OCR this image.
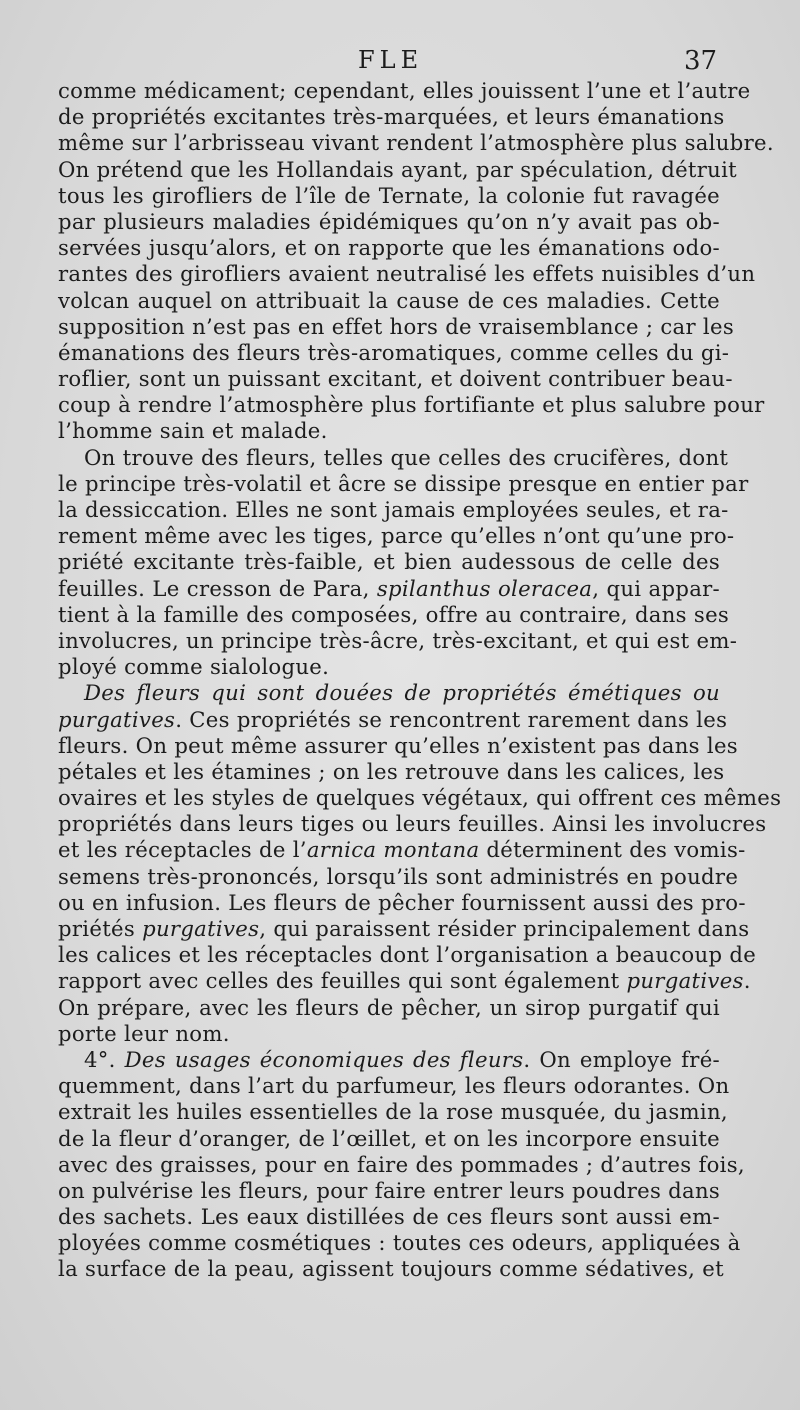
FLE	37
comme médicament; cependant, elles jouissent l’une et l’autre
de propriétés excitantes très-marquées, et leurs émanations
même sur l’arbrisseau vivant rendent l’atmosphère plus salubre.
On prétend que les Hollandais ayant, par spéculation, détruit
tous les girofliers de l’île de Ternate, la colonie fut ravagée
par plusieurs maladies épidémiques qu’on n’y avait pas ob-
servées jusqu’alors, et on rapporte que les émanations odo-
rantes des girofliers avaient neutralisé les effets nuisibles d’un
volcan auquel on attribuait la cause de ces maladies. Cette
supposition n’est pas en effet hors de vraisemblance ; car les
émanations des fleurs très-aromatiques, comme celles du gi-
roflier, sont un puissant excitant, et doivent contribuer beau-
coup à rendre l’atmosphère plus fortifiante et plus salubre pour
l’homme sain et malade.
On trouve des fleurs, telles que celles des crucifères, dont
le principe très-volatil et âcre se dissipe presque en entier par
la dessiccation. Elles ne sont jamais employées seules, et ra-
rement même avec les tiges, parce qu’elles n’ont qu’une pro-
priété excitante très-faible, et bien audessous de celle des
feuilles. Le cresson de Para, spilanthus oleracea, qui appar-
tient à la famille des composées, offre au contraire, dans ses
involucres, un principe très-âcre, très-excitant, et qui est em-
ployé comme sialologue.
Des fleurs qui sont douées de propriétés émétiques ou
purgatives. Ces propriétés se rencontrent rarement dans les
fleurs. On peut même assurer qu’elles n’existent pas dans les
pétales et les étamines ; on les retrouve dans les calices, les
ovaires et les styles de quelques végétaux, qui offrent ces mêmes
propriétés dans leurs tiges ou leurs feuilles. Ainsi les involucres
et les réceptacles de l’arnica montana déterminent des vomis-
semens très-prononcés, lorsqu’ils sont administrés en poudre
ou en infusion. Les fleurs de pêcher fournissent aussi des pro-
priétés purgatives, qui paraissent résider principalement dans
les calices et les réceptacles dont l’organisation a beaucoup de
rapport avec celles des feuilles qui sont également purgatives.
On prépare, avec les fleurs de pêcher, un sirop purgatif qui
porte leur nom.
4°. Des usages économiques des fleurs. On employe fré-
quemment, dans l’art du parfumeur, les fleurs odorantes. On
extrait les huiles essentielles de la rose musquée, du jasmin,
de la fleur d’oranger, de l’œillet, et on les incorpore ensuite
avec des graisses, pour en faire des pommades ; d’autres fois,
on pulvérise les fleurs, pour faire entrer leurs poudres dans
des sachets. Les eaux distillées de ces fleurs sont aussi em-
ployées comme cosmétiques : toutes ces odeurs, appliquées à
la surface de la peau, agissent toujours comme sédatives, et
